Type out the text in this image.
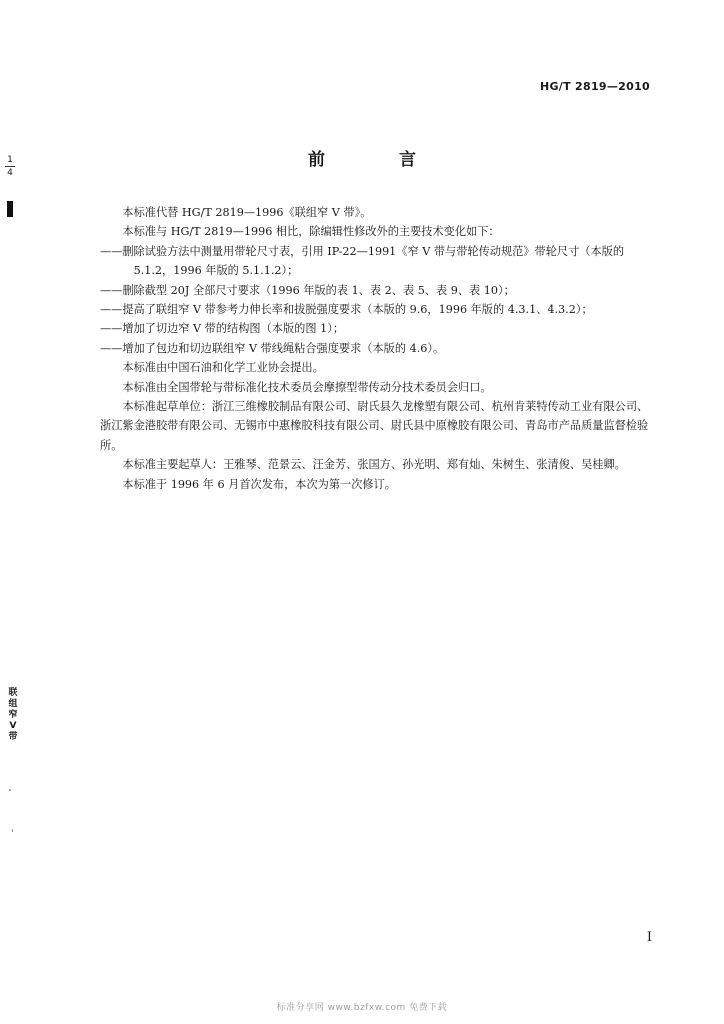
HG/T 2819—2010
1
4
前 言

本标准代替 HG/T 2819—1996《联组窄 V 带》。

本标准与 HG/T 2819—1996 相比，除编辑性修改外的主要技术变化如下：

——删除试验方法中测量用带轮尺寸表，引用 IP-22—1991《窄 V 带与带轮传动规范》带轮尺寸（本版的 5.1.2，1996 年版的 5.1.1.2）；

——删除截型 20J 全部尺寸要求（1996 年版的表 1、表 2、表 5、表 9、表 10）；

——提高了联组窄 V 带参考力伸长率和拔脱强度要求（本版的 9.6，1996 年版的 4.3.1、4.3.2）；

——增加了切边窄 V 带的结构图（本版的图 1）；

——增加了包边和切边联组窄 V 带线绳粘合强度要求（本版的 4.6）。

本标准由中国石油和化学工业协会提出。

本标准由全国带轮与带标准化技术委员会摩擦型带传动分技术委员会归口。

本标准起草单位：浙江三维橡胶制品有限公司、尉氏县久龙橡塑有限公司、杭州肯莱特传动工业有限公司、浙江紫金港胶带有限公司、无锡市中惠橡胶科技有限公司、尉氏县中原橡胶有限公司、青岛市产品质量监督检验所。

本标准主要起草人：王雅琴、范景云、汪金芳、张国方、孙光明、郑有灿、朱树生、张清俊、吴桂卿。

本标准于 1996 年 6 月首次发布，本次为第一次修订。

联组窄V带
I
标准分享网 www.bzfxw.com 免费下载
